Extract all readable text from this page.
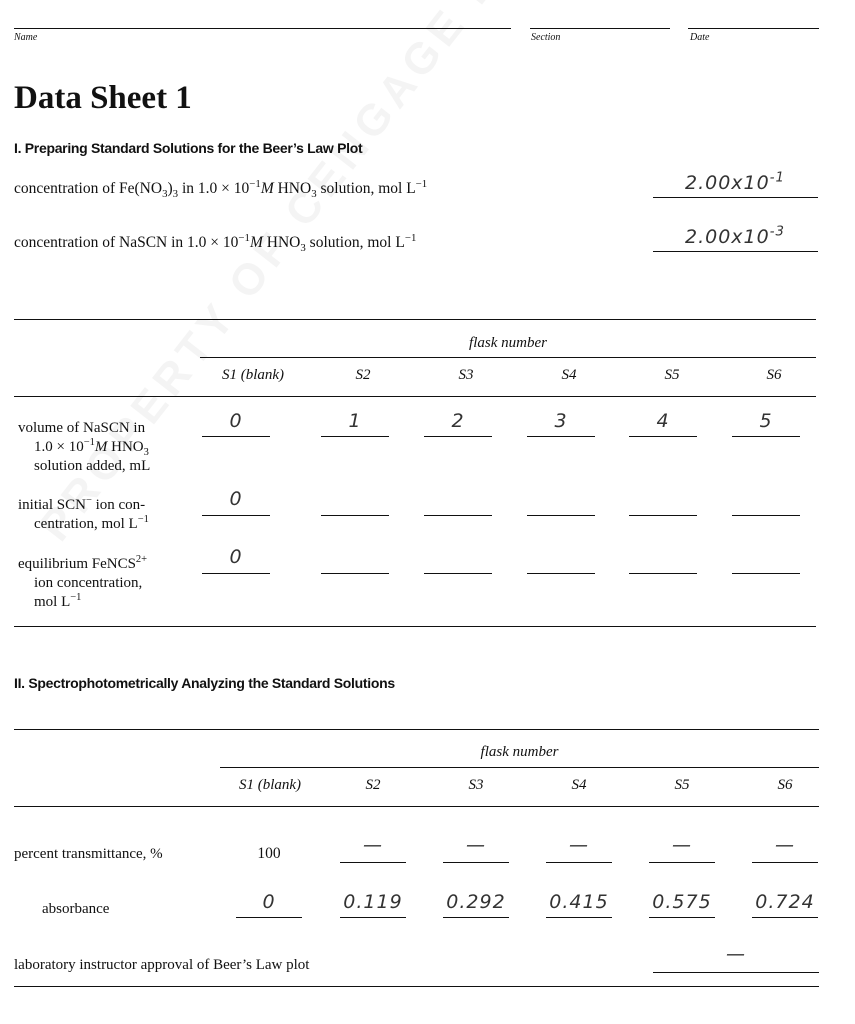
Name	Section	Date
Data Sheet 1
I. Preparing Standard Solutions for the Beer’s Law Plot
concentration of $Fe(NO_3)_3$ in $1.0 \times 10^{-1}M$ $HNO_3$ solution, mol $L^{-1}$	$2.00x10^{-1}$
concentration of NaSCN in $1.0 \times 10^{-1}M$ $HNO_3$ solution, mol $L^{-1}$	$2.00x10^{-3}$
flask number
S1 (blank)	S2	S3	S4	S5	S6
volume of NaSCN in
$1.0 \times 10^{-1}M$ $HNO_3$
solution added, mL
0	1	2	3	4	5
initial SCN− ion con-
centration, mol $L^{-1}$
0
equilibrium FeNCS$^{2+}$
ion concentration,
mol $L^{-1}$
0
II. Spectrophotometrically Analyzing the Standard Solutions
flask number
S1 (blank)	S2	S3	S4	S5	S6
percent transmittance, %	100	—	—	—	—	—
absorbance	0	0.119	0.292	0.415	0.575	0.724
laboratory instructor approval of Beer’s Law plot	—
